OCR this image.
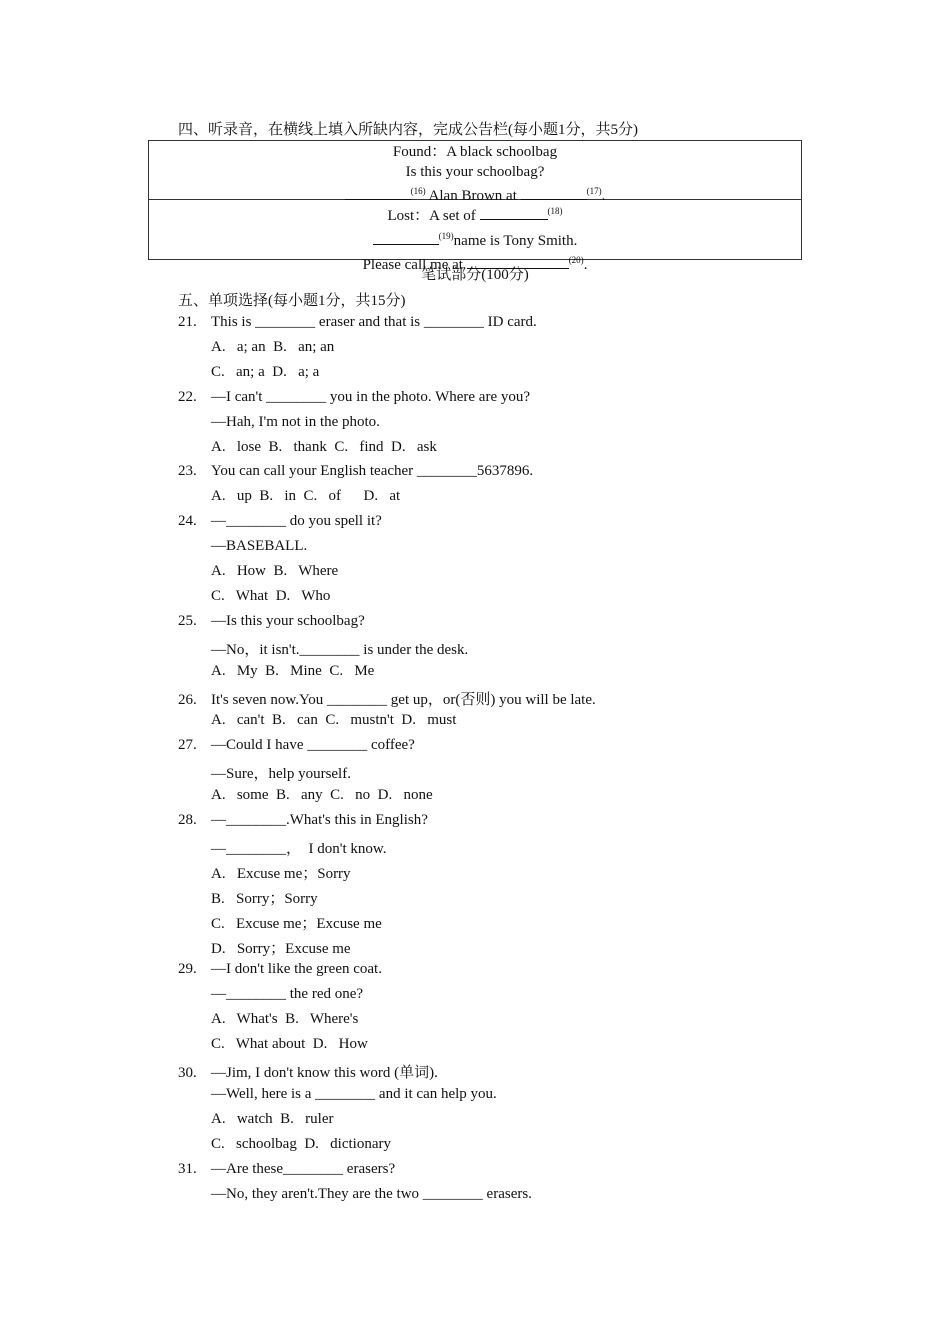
四、听录音，在横线上填入所缺内容，完成公告栏(每小题1分，共5分)
Found：A black schoolbag
Is this your schoolbag?
$^{(16)}$ Alan Brown at	$^{(17)}$.
Lost：A set of	$^{(18)}$
$^{(19)}$name is Tony Smith.
Please call me at	$^{(20)}$.
笔试部分(100分)
五、单项选择(每小题1分，共15分)
21. This is ________ eraser and that is ________ ID card.
A.   a; an  B.   an; an
C.   an; a  D.   a; a
22. —I can't ________ you in the photo. Where are you?
—Hah, I'm not in the photo.
A.   lose  B.   thank  C.   find  D.   ask
23. You can call your English teacher ________5637896.
A.   up  B.   in  C.   of      D.   at
24. —________ do you spell it?
—BASEBALL.
A.   How  B.   Where
C.   What  D.   Who
25. —Is this your schoolbag?
—No，it isn't.________ is under the desk.
A.   My  B.   Mine  C.   Me
26. It's seven now.You ________ get up，or(否则) you will be late.
A.   can't  B.   can  C.   mustn't  D.   must
27. —Could I have ________ coffee?
—Sure，help yourself.
A.   some  B.   any  C.   no  D.   none
28. —________.What's this in English?
—________，  I don't know.
A.   Excuse me；Sorry
B.   Sorry；Sorry
C.   Excuse me；Excuse me
D.   Sorry；Excuse me
29. —I don't like the green coat.
—________ the red one?
A.   What's  B.   Where's
C.   What about  D.   How
30. —Jim, I don't know this word (单词).
—Well, here is a ________ and it can help you.
A.   watch  B.   ruler
C.   schoolbag  D.   dictionary
31. —Are these________ erasers?
—No, they aren't.They are the two ________ erasers.
